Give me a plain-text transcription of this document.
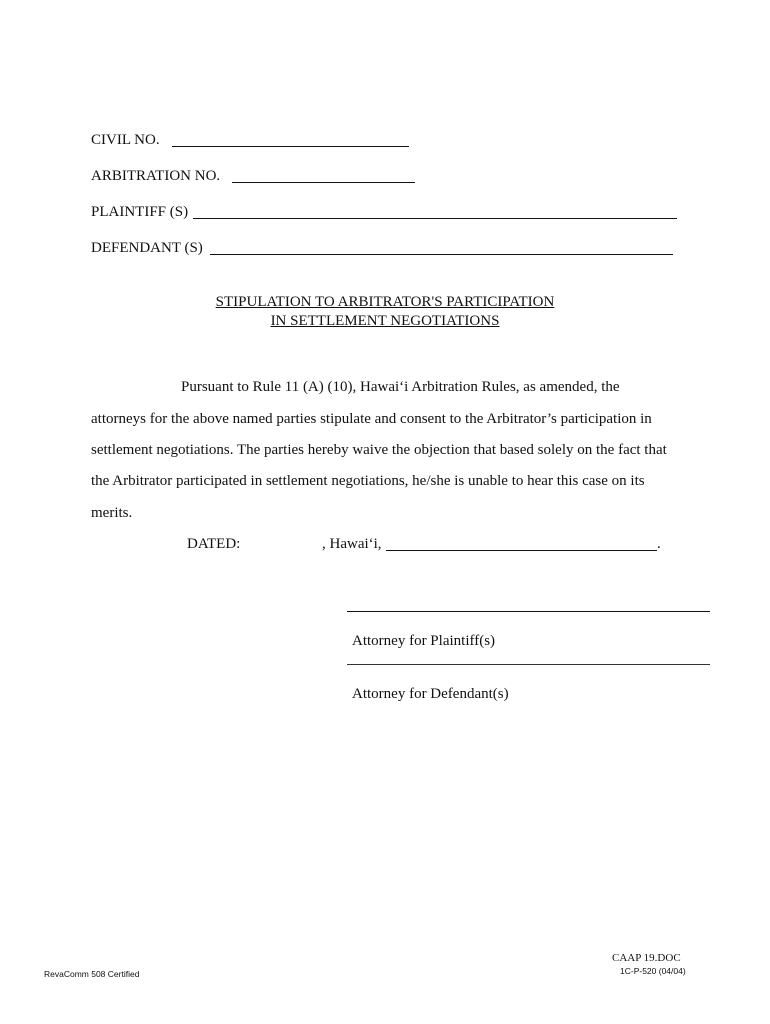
CIVIL NO.
ARBITRATION NO.
PLAINTIFF (S)
DEFENDANT (S)
STIPULATION TO ARBITRATOR'S PARTICIPATION
IN SETTLEMENT NEGOTIATIONS
Pursuant to Rule 11 (A) (10), Hawai‘i Arbitration Rules, as amended, the
attorneys for the above named parties stipulate and consent to the Arbitrator’s participation in
settlement negotiations. The parties hereby waive the objection that based solely on the fact that
the Arbitrator participated in settlement negotiations, he/she is unable to hear this case on its
merits.
DATED:	, Hawai‘i,	.
Attorney for Plaintiff(s)
Attorney for Defendant(s)
CAAP 19.DOC
1C-P-520 (04/04)
RevaComm 508 Certified
